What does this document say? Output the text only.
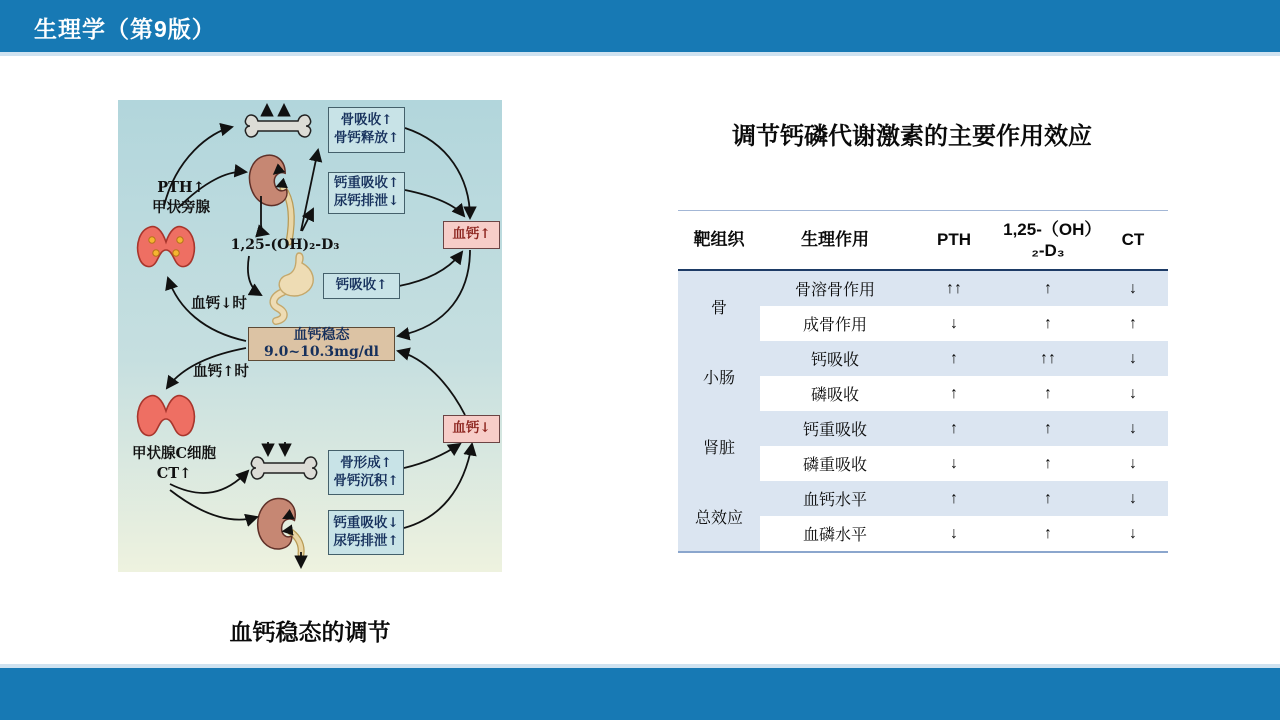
生理学（第9版）
PTH↑
甲状旁腺
1,25-(OH)₂-D₃
血钙↓时
血钙↑时
甲状腺C细胞
CT↑
骨吸收↑
骨钙释放↑
钙重吸收↑
尿钙排泄↓
钙吸收↑
血钙↑
血钙稳态
9.0~10.3mg/dl
骨形成↑
骨钙沉积↑
钙重吸收↓
尿钙排泄↑
血钙↓
血钙稳态的调节
调节钙磷代谢激素的主要作用效应
靶组织	生理作用	PTH	1,25-（OH）₂-D₃	CT
骨	骨溶骨作用	↑↑	↑	↓
	成骨作用	↓	↑	↑
小肠	钙吸收	↑	↑↑	↓
	磷吸收	↑	↑	↓
肾脏	钙重吸收	↑	↑	↓
	磷重吸收	↓	↑	↓
总效应	血钙水平	↑	↑	↓
	血磷水平	↓	↑	↓
